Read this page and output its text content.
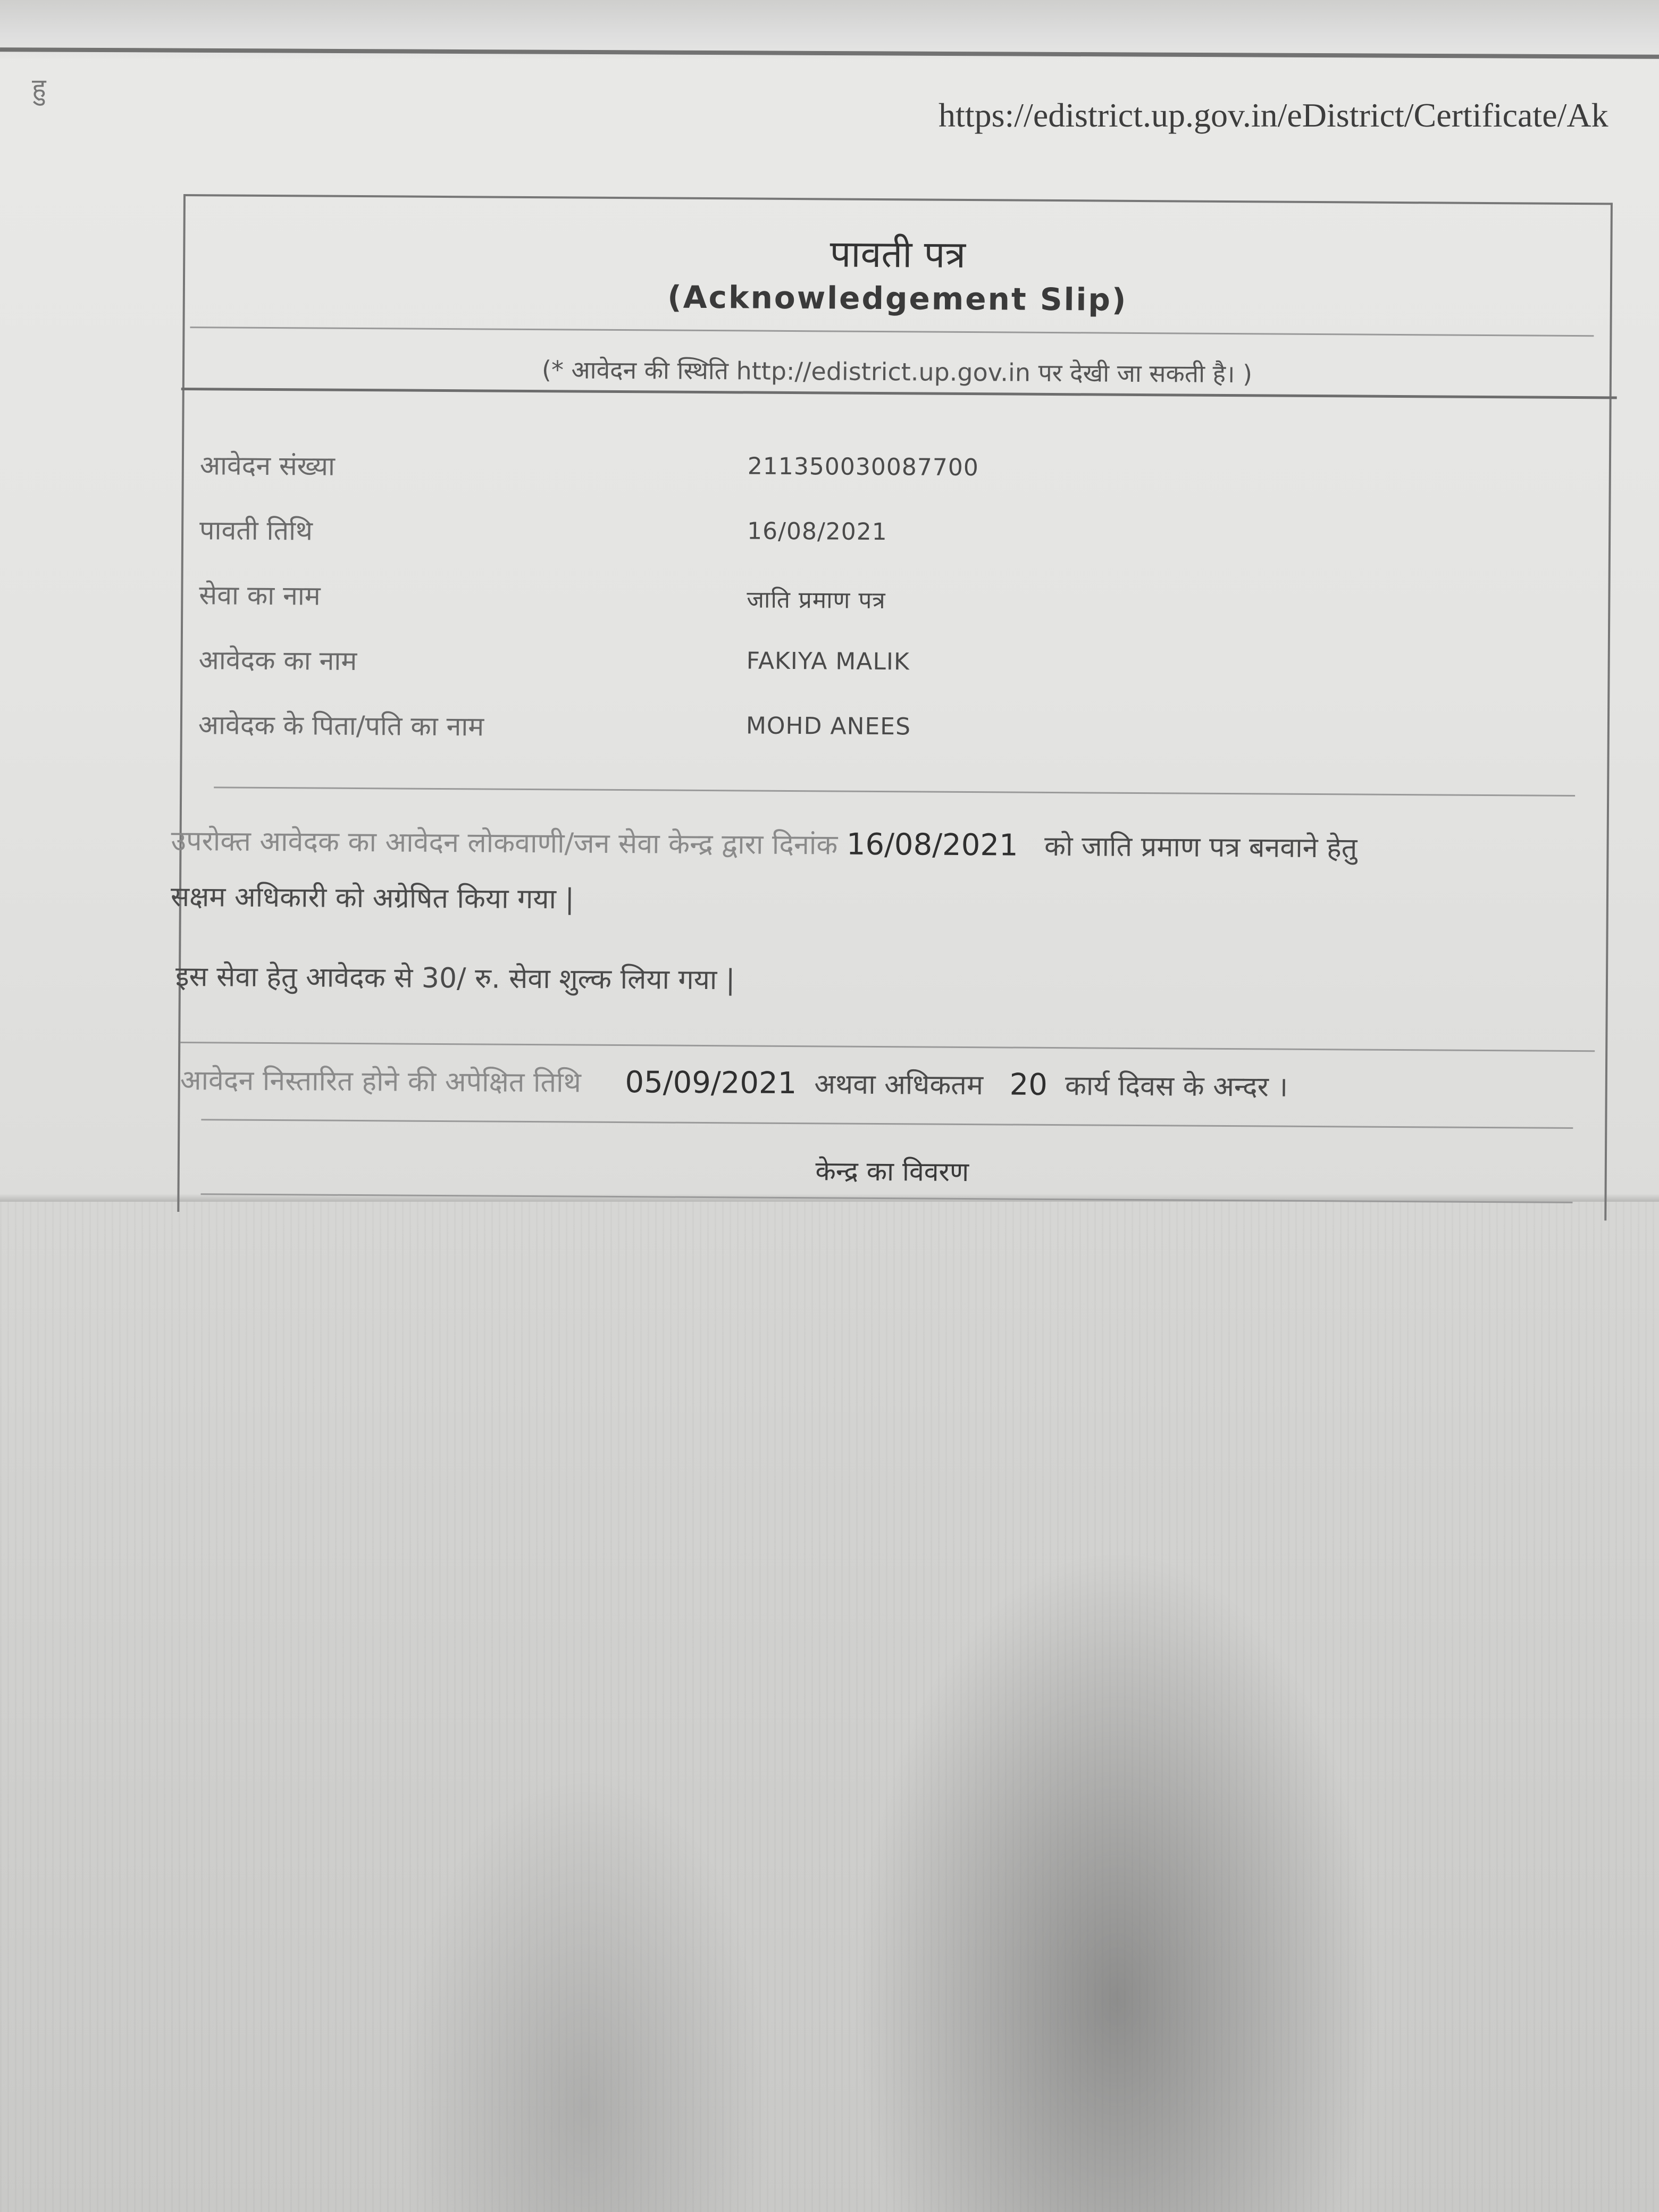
हु
https://edistrict.up.gov.in/eDistrict/Certificate/Ak
पावती पत्र
(Acknowledgement Slip)
(* आवेदन की स्थिति http://edistrict.up.gov.in पर देखी जा सकती है। )
आवेदन संख्या	211350030087700
पावती तिथि	16/08/2021
सेवा का नाम	जाति प्रमाण पत्र
आवेदक का नाम	FAKIYA MALIK
आवेदक के पिता/पति का नाम	MOHD ANEES
उपरोक्त आवेदक का आवेदन लोकवाणी/जन सेवा केन्द्र द्वारा दिनांक 16/08/2021 को जाति प्रमाण पत्र बनवाने हेतु
सक्षम अधिकारी को अग्रेषित किया गया |
इस सेवा हेतु आवेदक से 30/ रु. सेवा शुल्क लिया गया |
आवेदन निस्तारित होने की अपेक्षित तिथि 05/09/2021 अथवा अधिकतम 20 कार्य दिवस के अन्दर ।
केन्द्र का विवरण
